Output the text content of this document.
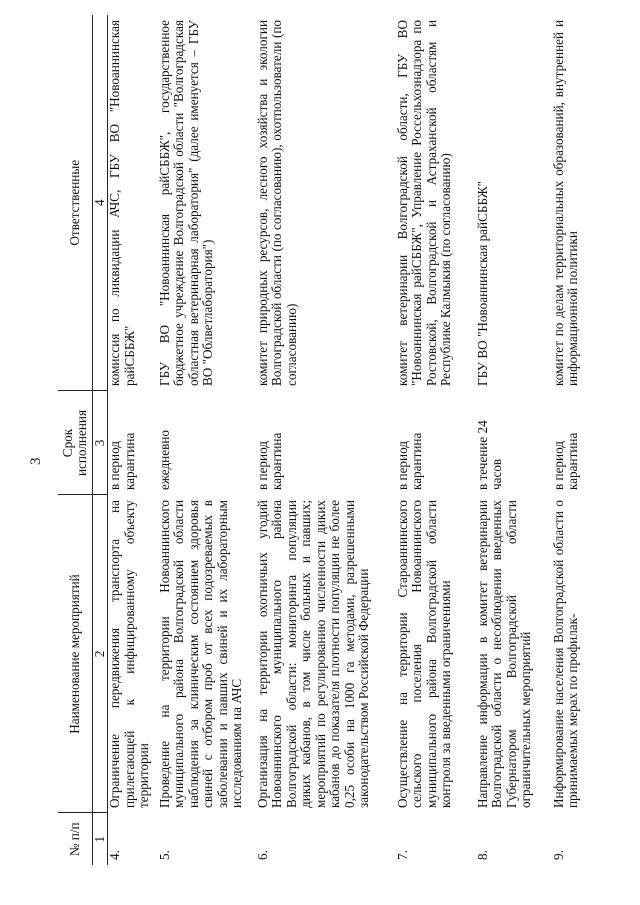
3
№ п/п	Наименование мероприятий	Срок исполнения	Ответственные
1	2	3	4
4.	Ограничение передвижения транспорта на прилегающей к инфицированному объекту территории	в период карантина	комиссия по ликвидации АЧС, ГБУ ВО "Новоаннинская райСББЖ"
5.	Проведение на территории Новоаннинского муниципального района Волгоградской области наблюдения за клиническим состоянием здоровья свиней с отбором проб от всех подозреваемых в заболевании и павших свиней и их лабораторным исследованиям на АЧС	ежедневно	ГБУ ВО "Новоаннинская райСББЖ", государственное бюджетное учреждение Волгоградской области "Волгоградская областная ветеринарная лаборатория" (далее именуется – ГБУ ВО "Облветлаборатория")
6.	Организация на территории охотничьих угодий Новоаннинского муниципального района Волгоградской области: мониторинга популяции диких кабанов, в том числе больных и павших; мероприятий по регулированию численности диких кабанов до показателя плотности популяции не более 0,25 особи на 1000 га методами, разрешенными законодательством Российской Федерации	в период карантина	комитет природных ресурсов, лесного хозяйства и экологии Волгоградской области (по согласованию), охотпользователи (по согласованию)
7.	Осуществление на территории Староаннинского сельского поселения Новоаннинского муниципального района Волгоградской области контроля за введенными ограничениями	в период карантина	комитет ветеринарии Волгоградской области, ГБУ ВО "Новоаннинская райСББЖ", Управление Россельхознадзора по Ростовской, Волгоградской и Астраханской областям и Республике Калмыкия (по согласованию)
8.	Направление информации в комитет ветеринарии Волгоградской области о несоблюдении введенных Губернатором Волгоградской области ограничительных мероприятий	в течение 24 часов	ГБУ ВО "Новоаннинская райСББЖ"
9.	Информирование населения Волгоградской области о принимаемых мерах по профилак-	в период карантина	комитет по делам территориальных образований, внутренней и информационной политики
